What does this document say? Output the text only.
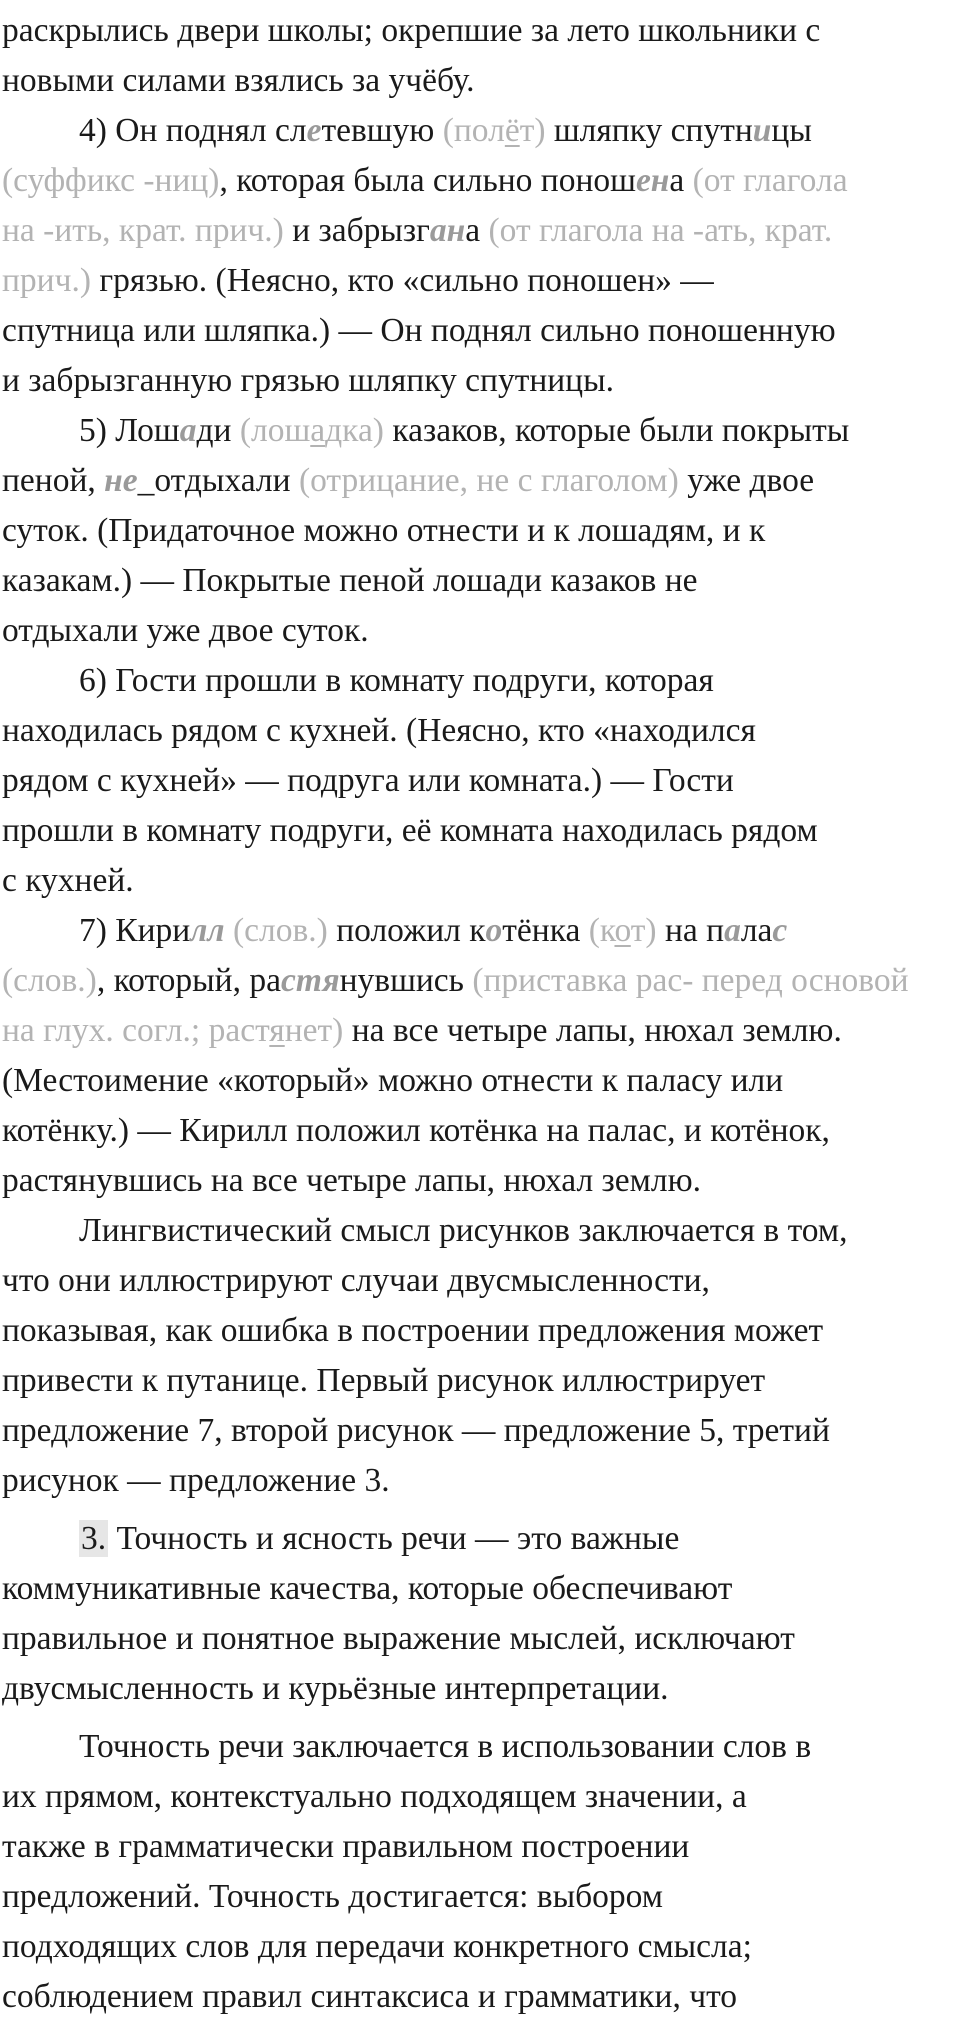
раскрылись двери школы; окрепшие за лето школьники с
новыми силами взялись за учёбу.
4) Он поднял слетевшую (полёт) шляпку спутницы
(суффикс -ниц), которая была сильно поношена (от глагола
на -ить, крат. прич.) и забрызгана (от глагола на -ать, крат.
прич.) грязью. (Неясно, кто «сильно поношен» —
спутница или шляпка.) — Он поднял сильно поношенную
и забрызганную грязью шляпку спутницы.
5) Лошади (лошадка) казаков, которые были покрыты
пеной, не_отдыхали (отрицание, не с глаголом) уже двое
суток. (Придаточное можно отнести и к лошадям, и к
казакам.) — Покрытые пеной лошади казаков не
отдыхали уже двое суток.
6) Гости прошли в комнату подруги, которая
находилась рядом с кухней. (Неясно, кто «находился
рядом с кухней» — подруга или комната.) — Гости
прошли в комнату подруги, её комната находилась рядом
с кухней.
7) Кирилл (слов.) положил котёнка (кот) на палас
(слов.), который, растянувшись (приставка рас- перед основой
на глух. согл.; растянет) на все четыре лапы, нюхал землю.
(Местоимение «который» можно отнести к паласу или
котёнку.) — Кирилл положил котёнка на палас, и котёнок,
растянувшись на все четыре лапы, нюхал землю.
Лингвистический смысл рисунков заключается в том,
что они иллюстрируют случаи двусмысленности,
показывая, как ошибка в построении предложения может
привести к путанице. Первый рисунок иллюстрирует
предложение 7, второй рисунок — предложение 5, третий
рисунок — предложение 3.
3. Точность и ясность речи — это важные
коммуникативные качества, которые обеспечивают
правильное и понятное выражение мыслей, исключают
двусмысленность и курьёзные интерпретации.
Точность речи заключается в использовании слов в
их прямом, контекстуально подходящем значении, а
также в грамматически правильном построении
предложений. Точность достигается: выбором
подходящих слов для передачи конкретного смысла;
соблюдением правил синтаксиса и грамматики, что
